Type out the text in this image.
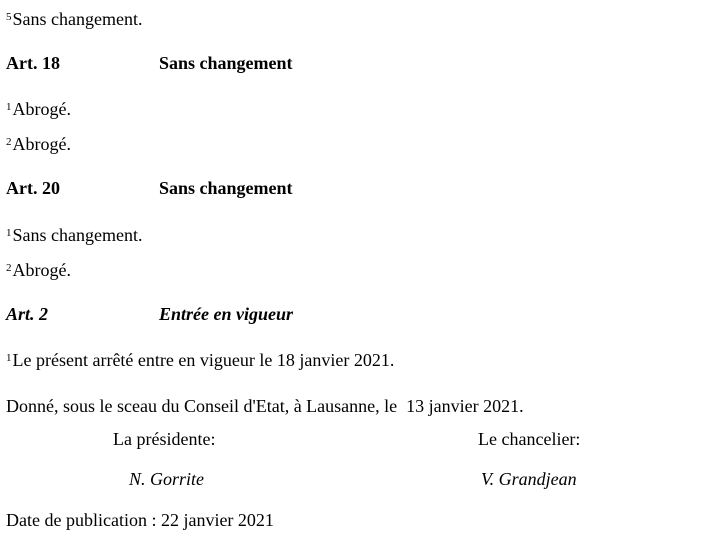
$^5$Sans changement.
Art. 18	Sans changement
$^1$Abrogé.
$^2$Abrogé.
Art. 20	Sans changement
$^1$Sans changement.
$^2$Abrogé.
Art. 2	Entrée en vigueur
$^1$Le présent arrêté entre en vigueur le 18 janvier 2021.
Donné, sous le sceau du Conseil d'Etat, à Lausanne, le  13 janvier 2021.
La présidente:	Le chancelier:
N. Gorrite	V. Grandjean
Date de publication : 22 janvier 2021
